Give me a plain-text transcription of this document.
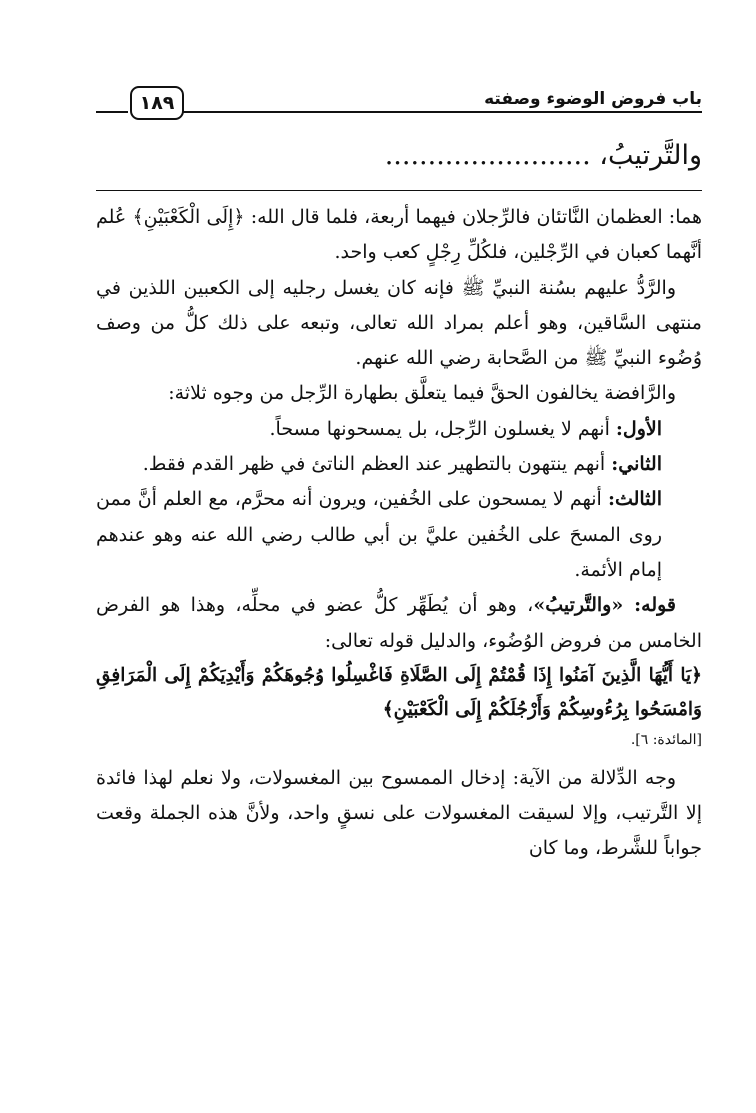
باب فروض الوضوء وصفته
١٨٩
والتَّرتيبُ، ........................

هما: العظمان النَّاتئان فالرِّجلان فيهما أربعة، فلما قال الله: ﴿إِلَى الْكَعْبَيْنِ﴾ عُلم أنَّهما كعبان في الرِّجْلين، فلكُلِّ رِجْلٍ كعب واحد.

والرَّدُّ عليهم بسُنة النبيِّ ﷺ فإنه كان يغسل رجليه إلى الكعبين اللذين في منتهى السَّاقين، وهو أعلم بمراد الله تعالى، وتبعه على ذلك كلُّ من وصف وُضُوء النبيِّ ﷺ من الصَّحابة رضي الله عنهم.

والرَّافضة يخالفون الحقَّ فيما يتعلَّق بطهارة الرِّجل من وجوه ثلاثة:

الأول: أنهم لا يغسلون الرِّجل، بل يمسحونها مسحاً.

الثاني: أنهم ينتهون بالتطهير عند العظم الناتئ في ظهر القدم فقط.

الثالث: أنهم لا يمسحون على الخُفين، ويرون أنه محرَّم، مع العلم أنَّ ممن روى المسحَ على الخُفين عليَّ بن أبي طالب رضي الله عنه وهو عندهم إمام الأئمة.

قوله: «والتَّرتيبُ»، وهو أن يُطَهِّر كلُّ عضو في محلِّه، وهذا هو الفرض الخامس من فروض الوُضُوء، والدليل قوله تعالى:

﴿يَا أَيُّهَا الَّذِينَ آمَنُوا إِذَا قُمْتُمْ إِلَى الصَّلَاةِ فَاغْسِلُوا وُجُوهَكُمْ وَأَيْدِيَكُمْ إِلَى الْمَرَافِقِ وَامْسَحُوا بِرُءُوسِكُمْ وَأَرْجُلَكُمْ إِلَى الْكَعْبَيْنِ﴾

[المائدة: ٦].

وجه الدِّلالة من الآية: إدخال الممسوح بين المغسولات، ولا نعلم لهذا فائدة إلا التَّرتيب، وإلا لسيقت المغسولات على نسقٍ واحد، ولأنَّ هذه الجملة وقعت جواباً للشَّرط، وما كان
